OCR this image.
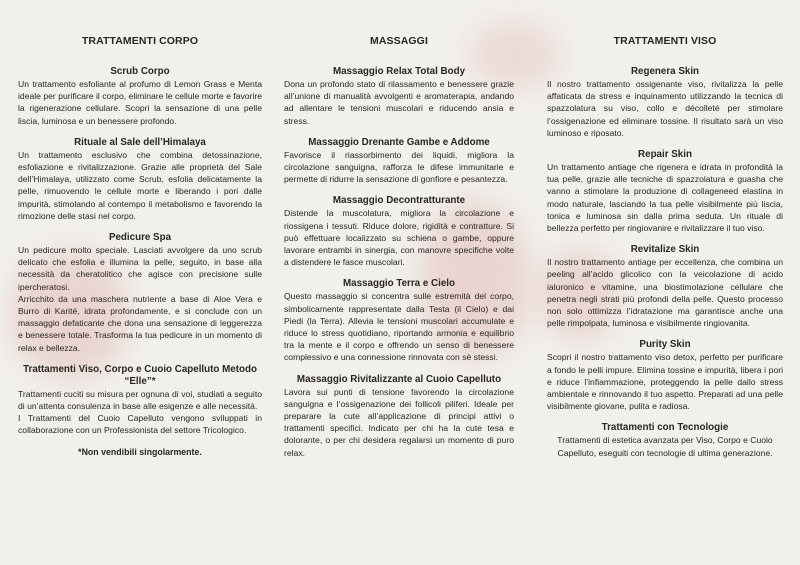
TRATTAMENTI CORPO
Scrub Corpo

Un trattamento esfoliante al profumo di Lemon Grass e Menta ideale per purificare il corpo, eliminare le cellule morte e favorire la rigenerazione cellulare. Scopri la sensazione di una pelle liscia, luminosa e un benessere profondo.

Rituale al Sale dell’Himalaya

Un trattamento esclusivo che combina detossinazione, esfoliazione e rivitalizzazione. Grazie alle proprietà del Sale dell’Himalaya, utilizzato come Scrub, esfolia delicatamente la pelle, rimuovendo le cellule morte e liberando i pori dalle impurità, stimolando al contempo il metabolismo e favorendo la rimozione delle stasi nel corpo.

Pedicure Spa

Un pedicure molto speciale. Lasciati avvolgere da uno scrub delicato che esfolia e illumina la pelle, seguito, in base alla necessità da cheratolitico che agisce con precisione sulle ipercheratosi.

Arricchito da una maschera nutriente a base di Aloe Vera e Burro di Karité, idrata profondamente, e si conclude con un massaggio defaticante che dona una sensazione di leggerezza e benessere totale. Trasforma la tua pedicure in un momento di relax e bellezza.

Trattamenti Viso, Corpo e Cuoio Capelluto Metodo “Elle”*

Trattamenti cuciti su misura per ognuna di voi, studiati a seguito di un’attenta consulenza in base alle esigenze e alle necessità.

I Trattamenti del Cuoio Capelluto vengono sviluppati in collaborazione con un Professionista del settore Tricologico.

*Non vendibili singolarmente.
MASSAGGI
Massaggio Relax Total Body

Dona un profondo stato di rilassamento e benessere grazie all’unione di manualità avvolgenti e aromaterapia, andando ad allentare le tensioni muscolari e riducendo ansia e stress.

Massaggio Drenante Gambe e Addome

Favorisce il riassorbimento dei liquidi, migliora la circolazione sanguigna, rafforza le difese immunitarie e permette di ridurre la sensazione di gonfiore e pesantezza.

Massaggio Decontratturante

Distende la muscolatura, migliora la circolazione e riossigena i tessuti. Riduce dolore, rigidità e contratture. Si può effettuare localizzato su schiena o gambe, oppure lavorare entrambi in sinergia, con manovre specifiche volte a distendere le fasce muscolari.

Massaggio Terra e Cielo

Questo massaggio si concentra sulle estremità del corpo, simbolicamente rappresentate dalla Testa (il Cielo) e dai Piedi (la Terra). Allevia le tensioni muscolari accumulate e riduce lo stress quotidiano, riportando armonia e equilibrio tra la mente e il corpo e offrendo un senso di benessere complessivo e una connessione rinnovata con sè stessi.

Massaggio Rivitalizzante al Cuoio Capelluto

Lavora sui punti di tensione favorendo la circolazione sanguigna e l’ossigenazione dei follicoli piliferi. Ideale per preparare la cute all’applicazione di principi attivi o trattamenti specifici. Indicato per chi ha la cute tesa e dolorante, o per chi desidera regalarsi un momento di puro relax.

TRATTAMENTI VISO
Regenera Skin

Il nostro trattamento ossigenante viso, rivitalizza la pelle affaticata da stress e inquinamento utilizzando la tecnica di spazzolatura su viso, collo e décolleté per stimolare l’ossigenazione ed eliminare tossine. Il risultato sarà un viso luminoso e riposato.

Repair Skin

Un trattamento antiage che rigenera e idrata in profondità la tua pelle, grazie alle tecniche di spazzolatura e guasha che vanno a stimolare la produzione di collageneed elastina in modo naturale, lasciando la tua pelle visibilmente più liscia, tonica e luminosa sin dalla prima seduta. Un rituale di bellezza perfetto per ringiovanire e rivitalizzare il tuo viso.

Revitalize Skin

Il nostro trattamento antiage per eccellenza, che combina un peeling all’acido glicolico con la veicolazione di acido ialuronico e vitamine, una biostimolazione cellulare che penetra negli strati più profondi della pelle. Questo processo non solo ottimizza l’idratazione ma garantisce anche una pelle rimpolpata, luminosa e visibilmente ringiovanita.

Purity Skin

Scopri il nostro trattamento viso detox, perfetto per purificare a fondo le pelli impure. Elimina tossine e impurità, libera i pori e riduce l’infiammazione, proteggendo la pelle dallo stress ambientale e rinnovando il tuo aspetto. Preparati ad una pelle visibilmente giovane, pulita e radiosa.

Trattamenti con Tecnologie

Trattamenti di estetica avanzata per Viso, Corpo e Cuoio Capelluto, eseguiti con tecnologie di ultima generazione.
